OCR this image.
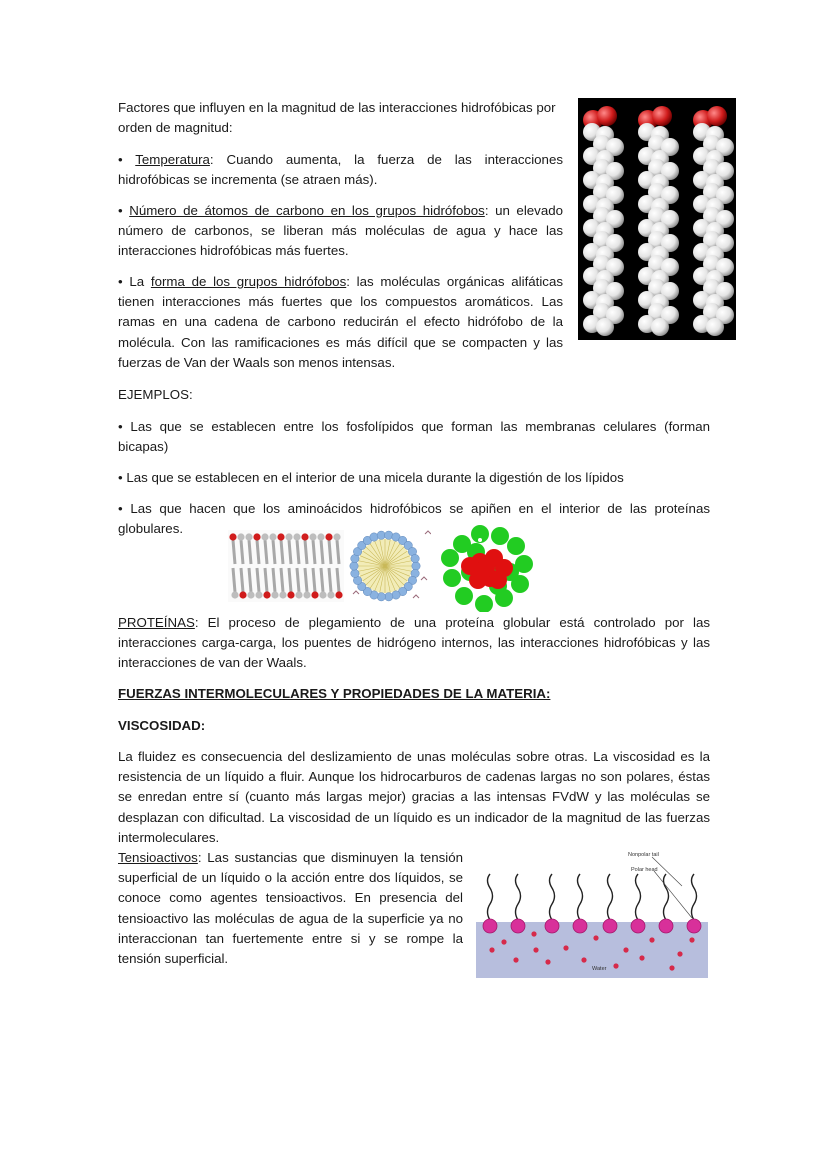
Factores que influyen en la magnitud de las interacciones hidrofóbicas por orden de magnitud:

• Temperatura: Cuando aumenta, la fuerza de las interacciones hidrofóbicas se incrementa (se atraen más).

• Número de átomos de carbono en los grupos hidrófobos: un elevado número de carbonos, se liberan más moléculas de agua y hace las interacciones hidrofóbicas más fuertes.

• La forma de los grupos hidrófobos: las moléculas orgánicas alifáticas tienen interacciones más fuertes que los compuestos aromáticos. Las ramas en una cadena de carbono reducirán el efecto hidrófobo de la molécula. Con las ramificaciones es más difícil que se compacten y las fuerzas de Van der Waals son menos intensas.

EJEMPLOS:

• Las que se establecen entre los fosfolípidos que forman las membranas celulares (forman bicapas)

• Las que se establecen en el interior de una micela durante la digestión de los lípidos

• Las que hacen que los aminoácidos hidrofóbicos se apiñen en el interior de las proteínas globulares.

PROTEÍNAS: El proceso de plegamiento de una proteína globular está controlado por las interacciones carga-carga, los puentes de hidrógeno internos, las interacciones hidrofóbicas y las interacciones de van der Waals.

FUERZAS INTERMOLECULARES Y PROPIEDADES DE LA MATERIA:

VISCOSIDAD:

La fluidez es consecuencia del deslizamiento de unas moléculas sobre otras. La viscosidad es la resistencia de un líquido a fluir. Aunque los hidrocarburos de cadenas largas no son polares, éstas se enredan entre sí (cuanto más largas mejor) gracias a las intensas FVdW y las moléculas se desplazan con dificultad. La viscosidad de un líquido es un indicador de la magnitud de las fuerzas intermoleculares.

Tensioactivos: Las sustancias que disminuyen la tensión superficial de un líquido o la acción entre dos líquidos, se conoce como agentes tensioactivos. En presencia del tensioactivo las moléculas de agua de la superficie ya no interaccionan tan fuertemente entre si y se rompe la tensión superficial.

Nonpolar tail
Polar head
Water
